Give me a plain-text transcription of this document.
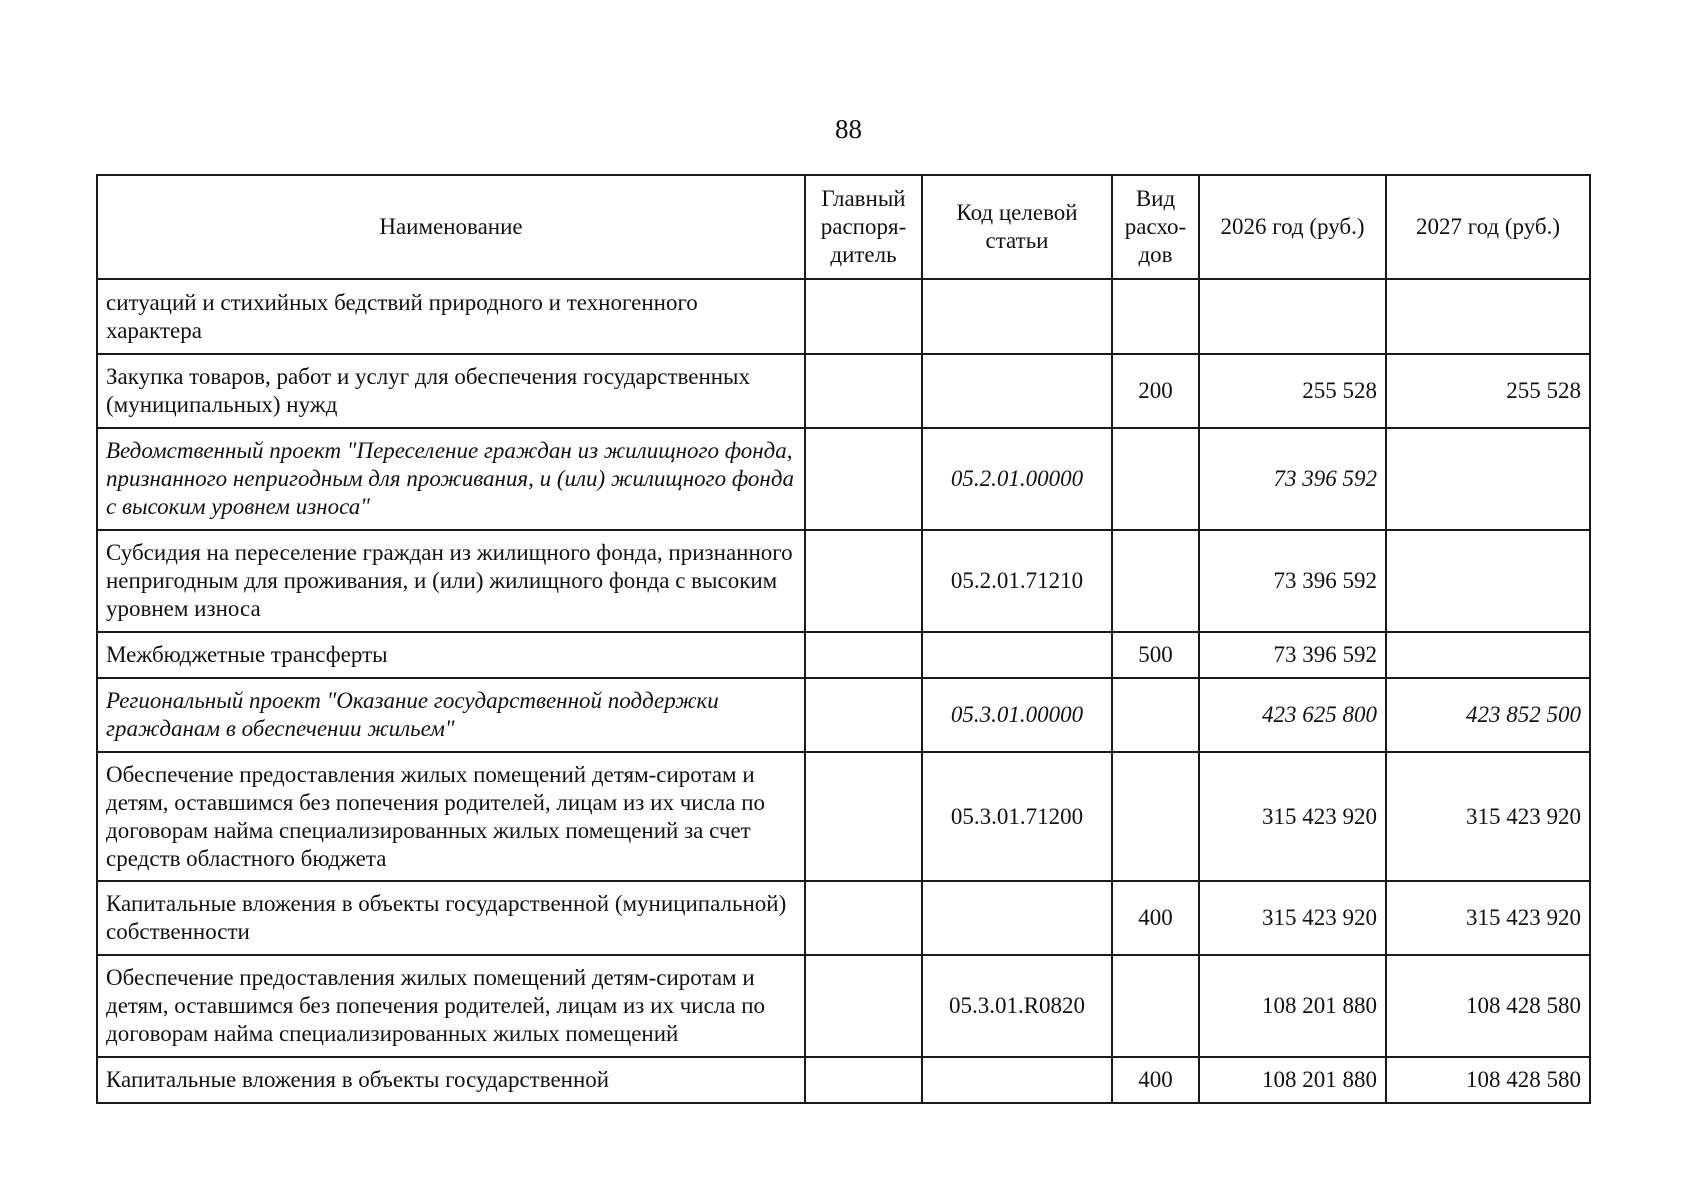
88
Наименование	Главный распоря-дитель	Код целевой статьи	Вид расхо-дов	2026 год (руб.)	2027 год (руб.)
ситуаций и стихийных бедствий природного и техногенного характера					
Закупка товаров, работ и услуг для обеспечения государственных (муниципальных) нужд			200	255 528	255 528
Ведомственный проект "Переселение граждан из жилищного фонда, признанного непригодным для проживания, и (или) жилищного фонда с высоким уровнем износа"		05.2.01.00000		73 396 592	
Субсидия на переселение граждан из жилищного фонда, признанного непригодным для проживания, и (или) жилищного фонда с высоким уровнем износа		05.2.01.71210		73 396 592	
Межбюджетные трансферты			500	73 396 592	
Региональный проект "Оказание государственной поддержки гражданам в обеспечении жильем"		05.3.01.00000		423 625 800	423 852 500
Обеспечение предоставления жилых помещений детям-сиротам и детям, оставшимся без попечения родителей, лицам из их числа по договорам найма специализированных жилых помещений за счет средств областного бюджета		05.3.01.71200		315 423 920	315 423 920
Капитальные вложения в объекты государственной (муниципальной) собственности			400	315 423 920	315 423 920
Обеспечение предоставления жилых помещений детям-сиротам и детям, оставшимся без попечения родителей, лицам из их числа по договорам найма специализированных жилых помещений		05.3.01.R0820		108 201 880	108 428 580
Капитальные вложения в объекты государственной			400	108 201 880	108 428 580
